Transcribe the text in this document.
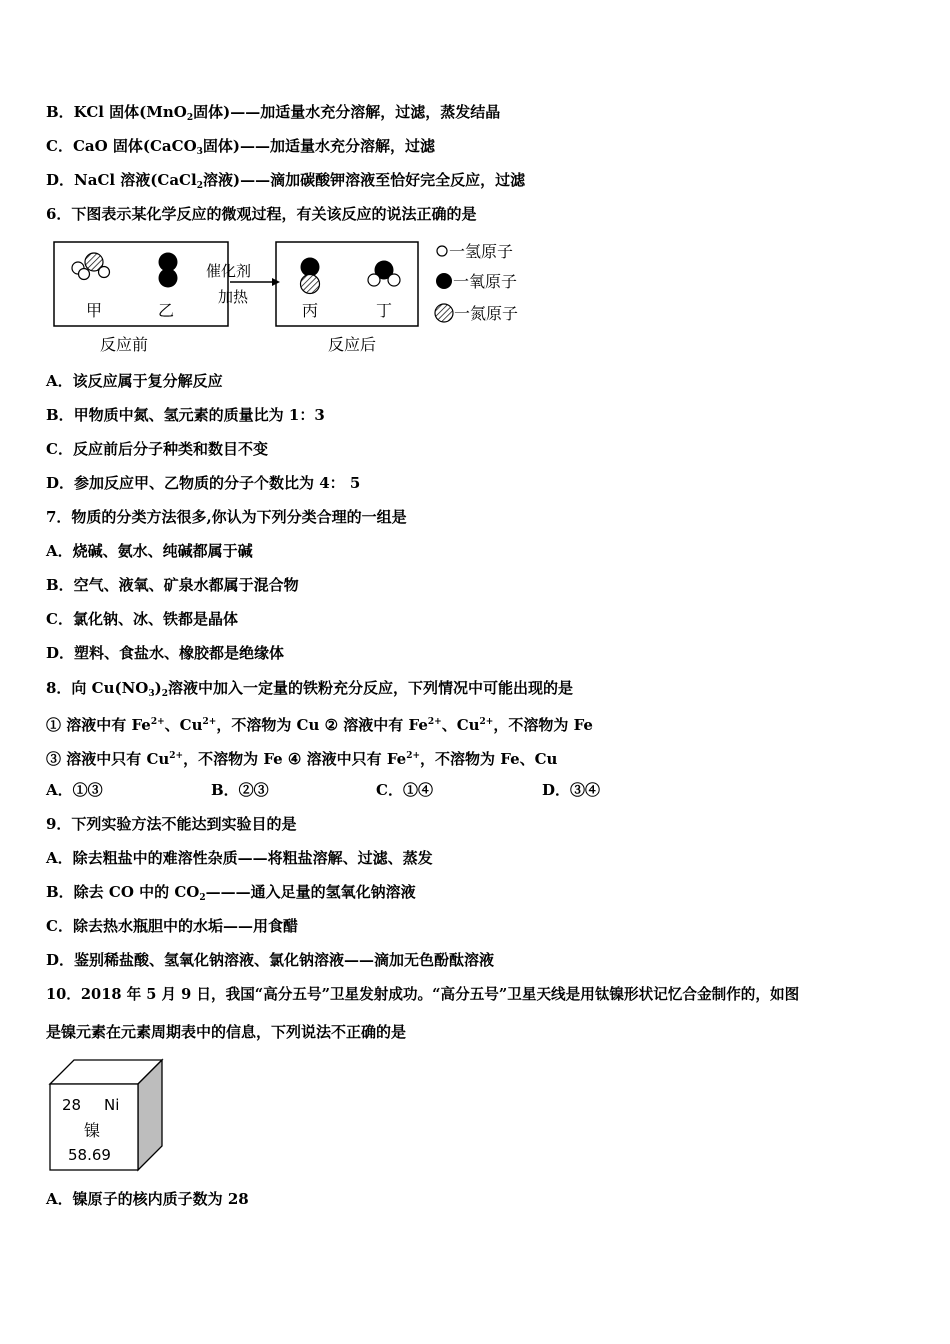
B．KCl 固体(MnO$_2$固体)——加适量水充分溶解，过滤，蒸发结晶
C．CaO 固体(CaCO$_3$固体)——加适量水充分溶解，过滤
D．NaCl 溶液(CaCl$_2$溶液)——滴加碳酸钾溶液至恰好完全反应，过滤
6．下图表示某化学反应的微观过程，有关该反应的说法正确的是
甲	乙
催化剂
加热
丙	丁
反应前	反应后
一氢原子
一氧原子
一氮原子
A．该反应属于复分解反应
B．甲物质中氮、氢元素的质量比为 1：3
C．反应前后分子种类和数目不变
D．参加反应甲、乙物质的分子个数比为 4： 5
7．物质的分类方法很多,你认为下列分类合理的一组是
A．烧碱、氨水、纯碱都属于碱
B．空气、液氧、矿泉水都属于混合物
C．氯化钠、冰、铁都是晶体
D．塑料、食盐水、橡胶都是绝缘体
8．向 $Cu(NO_3)_2$溶液中加入一定量的铁粉充分反应，下列情况中可能出现的是
① 溶液中有 $Fe^{2+}$、$Cu^{2+}$，不溶物为 Cu ② 溶液中有 $Fe^{2+}$、$Cu^{2+}$，不溶物为 Fe
③ 溶液中只有 $Cu^{2+}$，不溶物为 Fe ④ 溶液中只有 $Fe^{2+}$，不溶物为 Fe、Cu
A．①③	B．②③	C．①④	D．③④
9．下列实验方法不能达到实验目的是
A．除去粗盐中的难溶性杂质——将粗盐溶解、过滤、蒸发
B．除去 CO 中的 $CO_2———$通入足量的氢氧化钠溶液
C．除去热水瓶胆中的水垢——用食醋
D．鉴别稀盐酸、氢氧化钠溶液、氯化钠溶液——滴加无色酚酞溶液
10．2018 年 5 月 9 日，我国“高分五号”卫星发射成功。“高分五号”卫星天线是用钛镍形状记忆合金制作的，如图
是镍元素在元素周期表中的信息，下列说法不正确的是
28 Ni
镍
58.69
A．镍原子的核内质子数为 28
